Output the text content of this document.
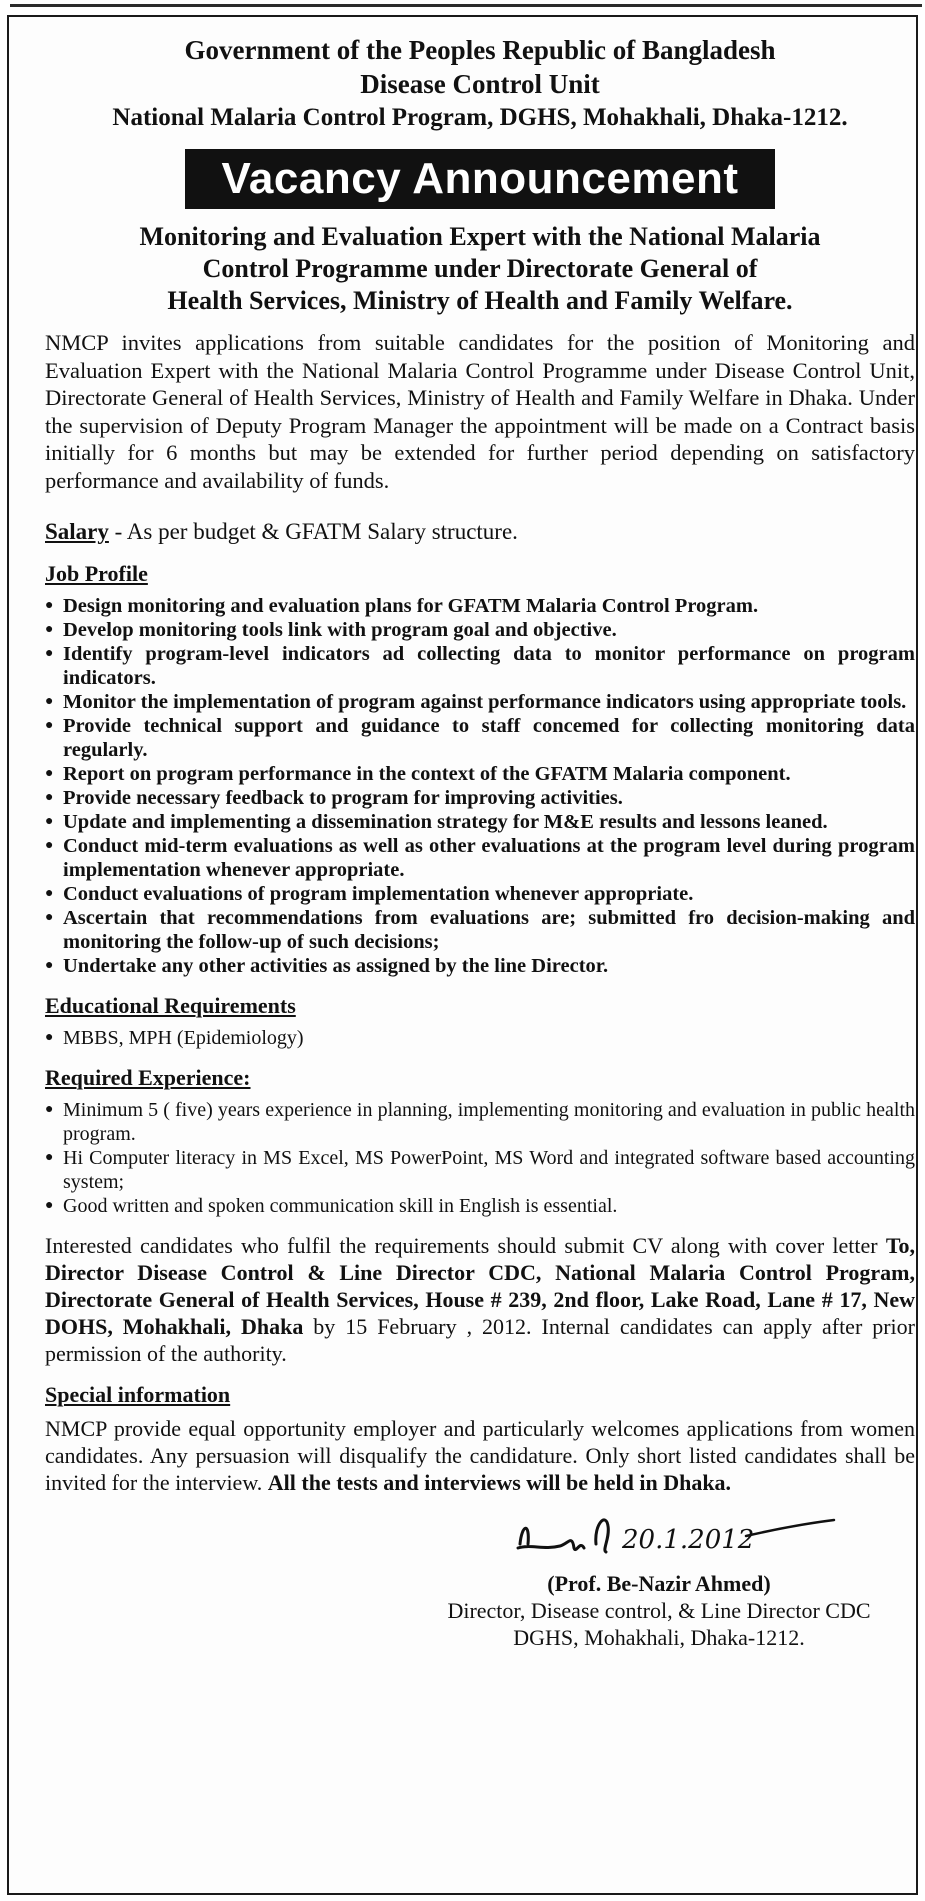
Government of the Peoples Republic of Bangladesh
Disease Control Unit
National Malaria Control Program, DGHS, Mohakhali, Dhaka-1212.
Vacancy Announcement
Monitoring and Evaluation Expert with the National Malaria
Control Programme under Directorate General of
Health Services, Ministry of Health and Family Welfare.
NMCP invites applications from suitable candidates for the position of Monitoring and Evaluation Expert with the National Malaria Control Programme under Disease Control Unit, Directorate General of Health Services, Ministry of Health and Family Welfare in Dhaka. Under the supervision of Deputy Program Manager the appointment will be made on a Contract basis initially for 6 months but may be extended for further period depending on satisfactory performance and availability of funds.
Salary - As per budget & GFATM Salary structure.
Job Profile
● Design monitoring and evaluation plans for GFATM Malaria Control Program.
● Develop monitoring tools link with program goal and objective.
● Identify program-level indicators ad collecting data to monitor performance on program indicators.
● Monitor the implementation of program against performance indicators using appropriate tools.
● Provide technical support and guidance to staff concemed for collecting monitoring data regularly.
● Report on program performance in the context of the GFATM Malaria component.
● Provide necessary feedback to program for improving activities.
● Update and implementing a dissemination strategy for M&E results and lessons leaned.
● Conduct mid-term evaluations as well as other evaluations at the program level during program implementation whenever appropriate.
● Conduct evaluations of program implementation whenever appropriate.
● Ascertain that recommendations from evaluations are; submitted fro decision-making and monitoring the follow-up of such decisions;
● Undertake any other activities as assigned by the line Director.
Educational Requirements
● MBBS, MPH (Epidemiology)
Required Experience:
● Minimum 5 ( five) years experience in planning, implementing monitoring and evaluation in public health program.
● Hi Computer literacy in MS Excel, MS PowerPoint, MS Word and integrated software based accounting system;
● Good written and spoken communication skill in English is essential.
Interested candidates who fulfil the requirements should submit CV along with cover letter To, Director Disease Control & Line Director CDC, National Malaria Control Program, Directorate General of Health Services, House # 239, 2nd floor, Lake Road, Lane # 17, New DOHS, Mohakhali, Dhaka by 15 February , 2012. Internal candidates can apply after prior permission of the authority.
Special information
NMCP provide equal opportunity employer and particularly welcomes applications from women candidates. Any persuasion will disqualify the candidature. Only short listed candidates shall be invited for the interview. All the tests and interviews will be held in Dhaka.
20.1.2012
(Prof. Be-Nazir Ahmed)
Director, Disease control, & Line Director CDC
DGHS, Mohakhali, Dhaka-1212.
